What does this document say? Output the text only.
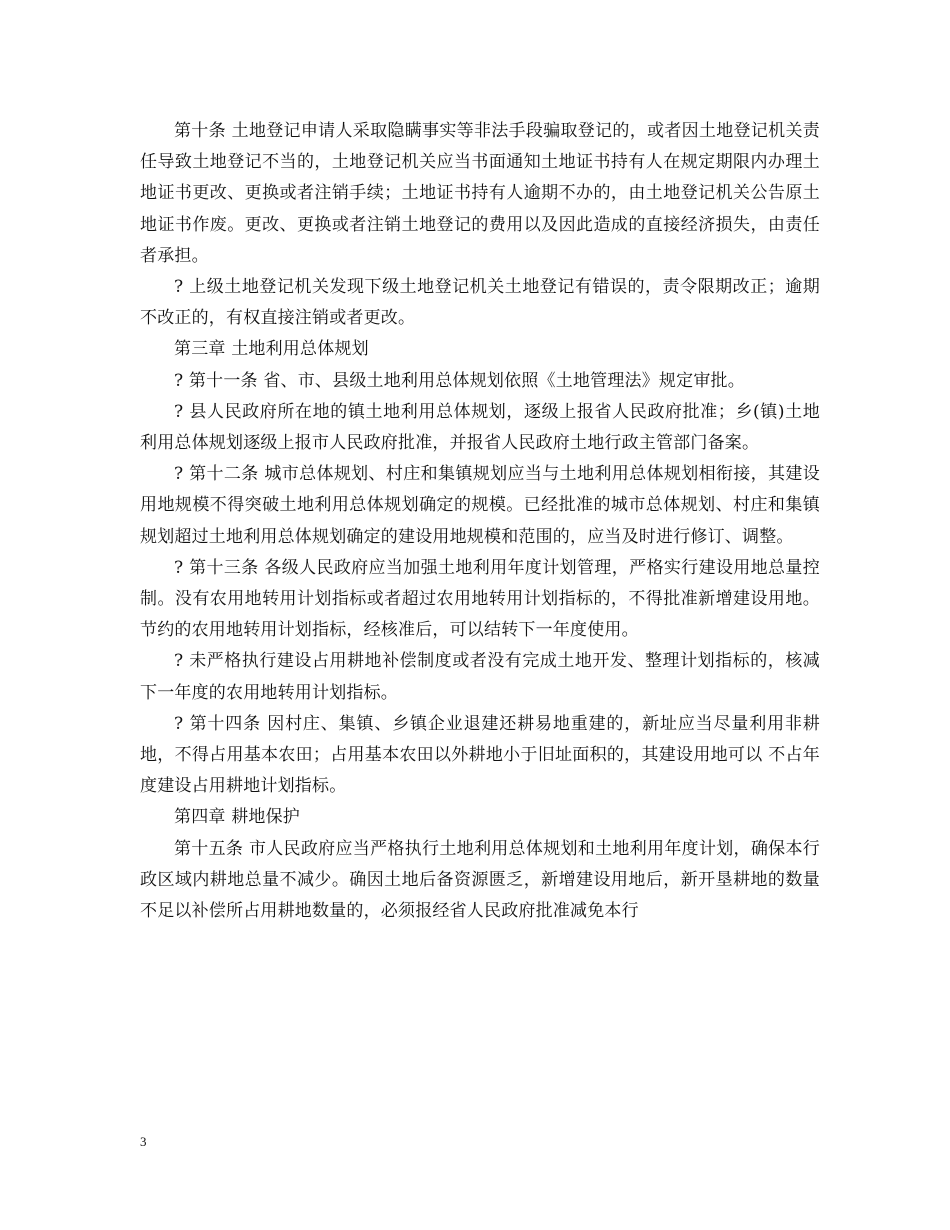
第十条 土地登记申请人采取隐瞒事实等非法手段骗取登记的，或者因土地登记机关责任导致土地登记不当的，土地登记机关应当书面通知土地证书持有人在规定期限内办理土地证书更改、更换或者注销手续；土地证书持有人逾期不办的，由土地登记机关公告原土地证书作废。更改、更换或者注销土地登记的费用以及因此造成的直接经济损失，由责任者承担。

? 上级土地登记机关发现下级土地登记机关土地登记有错误的，责令限期改正；逾期不改正的，有权直接注销或者更改。

第三章 土地利用总体规划

? 第十一条 省、市、县级土地利用总体规划依照《土地管理法》规定审批。

? 县人民政府所在地的镇土地利用总体规划，逐级上报省人民政府批准；乡(镇)土地利用总体规划逐级上报市人民政府批准，并报省人民政府土地行政主管部门备案。

? 第十二条 城市总体规划、村庄和集镇规划应当与土地利用总体规划相衔接，其建设用地规模不得突破土地利用总体规划确定的规模。已经批准的城市总体规划、村庄和集镇规划超过土地利用总体规划确定的建设用地规模和范围的，应当及时进行修订、调整。

? 第十三条 各级人民政府应当加强土地利用年度计划管理，严格实行建设用地总量控制。没有农用地转用计划指标或者超过农用地转用计划指标的，不得批准新增建设用地。节约的农用地转用计划指标，经核准后，可以结转下一年度使用。

? 未严格执行建设占用耕地补偿制度或者没有完成土地开发、整理计划指标的，核减下一年度的农用地转用计划指标。

? 第十四条 因村庄、集镇、乡镇企业退建还耕易地重建的，新址应当尽量利用非耕地，不得占用基本农田；占用基本农田以外耕地小于旧址面积的，其建设用地可以 不占年度建设占用耕地计划指标。

第四章 耕地保护

第十五条 市人民政府应当严格执行土地利用总体规划和土地利用年度计划，确保本行政区域内耕地总量不减少。确因土地后备资源匮乏，新增建设用地后，新开垦耕地的数量不足以补偿所占用耕地数量的，必须报经省人民政府批准减免本行

3
